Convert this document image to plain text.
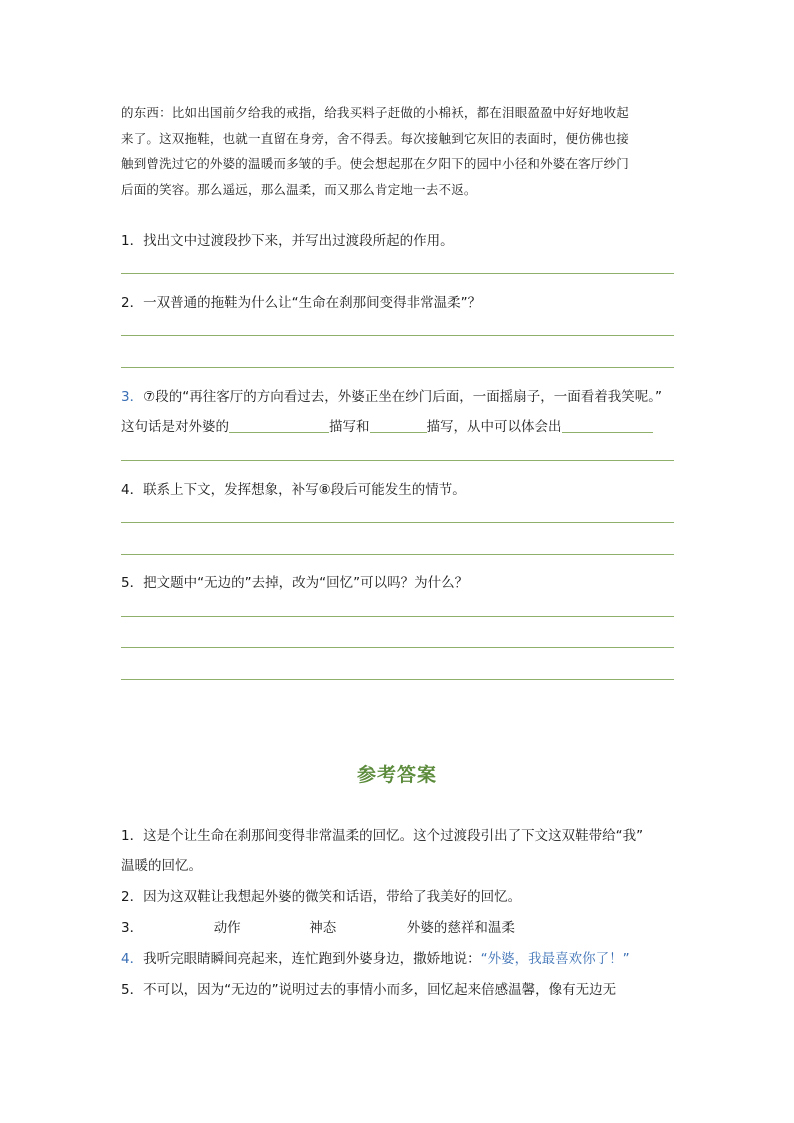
的东西：比如出国前夕给我的戒指，给我买料子赶做的小棉袄，都在泪眼盈盈中好好地收起
来了。这双拖鞋，也就一直留在身旁，舍不得丢。每次接触到它灰旧的表面时，便仿佛也接
触到曾洗过它的外婆的温暖而多皱的手。使会想起那在夕阳下的园中小径和外婆在客厅纱门
后面的笑容。那么遥远，那么温柔，而又那么肯定地一去不返。
1．找出文中过渡段抄下来，并写出过渡段所起的作用。
2．一双普通的拖鞋为什么让“生命在刹那间变得非常温柔”？
3．⑦段的“再往客厅的方向看过去，外婆正坐在纱门后面，一面摇扇子，一面看着我笑呢。”
这句话是对外婆的	描写和	描写，从中可以体会出
4．联系上下文，发挥想象，补写⑧段后可能发生的情节。
5．把文题中“无边的”去掉，改为“回忆”可以吗？为什么？
参考答案
1．这是个让生命在刹那间变得非常温柔的回忆。这个过渡段引出了下文这双鞋带给“我”
温暖的回忆。
2．因为这双鞋让我想起外婆的微笑和话语，带给了我美好的回忆。
3．	动作	神态	外婆的慈祥和温柔
4．我听完眼睛瞬间亮起来，连忙跑到外婆身边，撒娇地说：“外婆，我最喜欢你了！”
5．不可以，因为“无边的”说明过去的事情小而多，回忆起来倍感温馨，像有无边无
